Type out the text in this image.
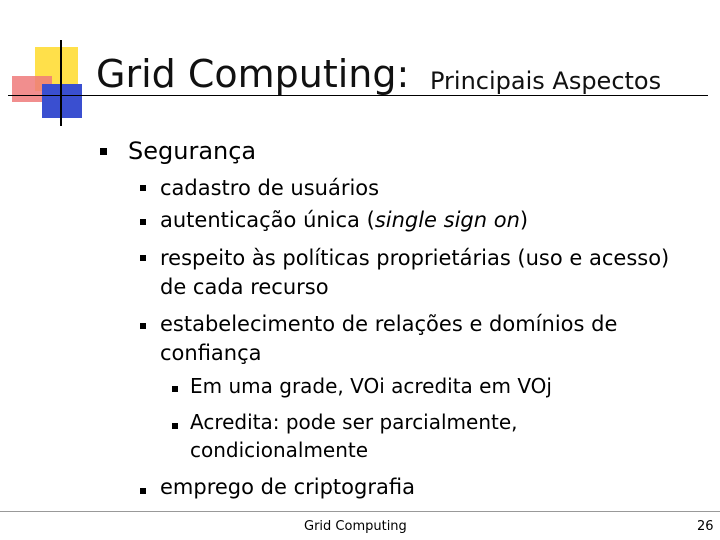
Grid Computing: Principais Aspectos
Segurança
cadastro de usuários
autenticação única (single sign on)
respeito às políticas proprietárias (uso e acesso)
de cada recurso
estabelecimento de relações e domínios de
confiança
Em uma grade, VOi acredita em VOj
Acredita: pode ser parcialmente,
condicionalmente
emprego de criptografia
Grid Computing	26
